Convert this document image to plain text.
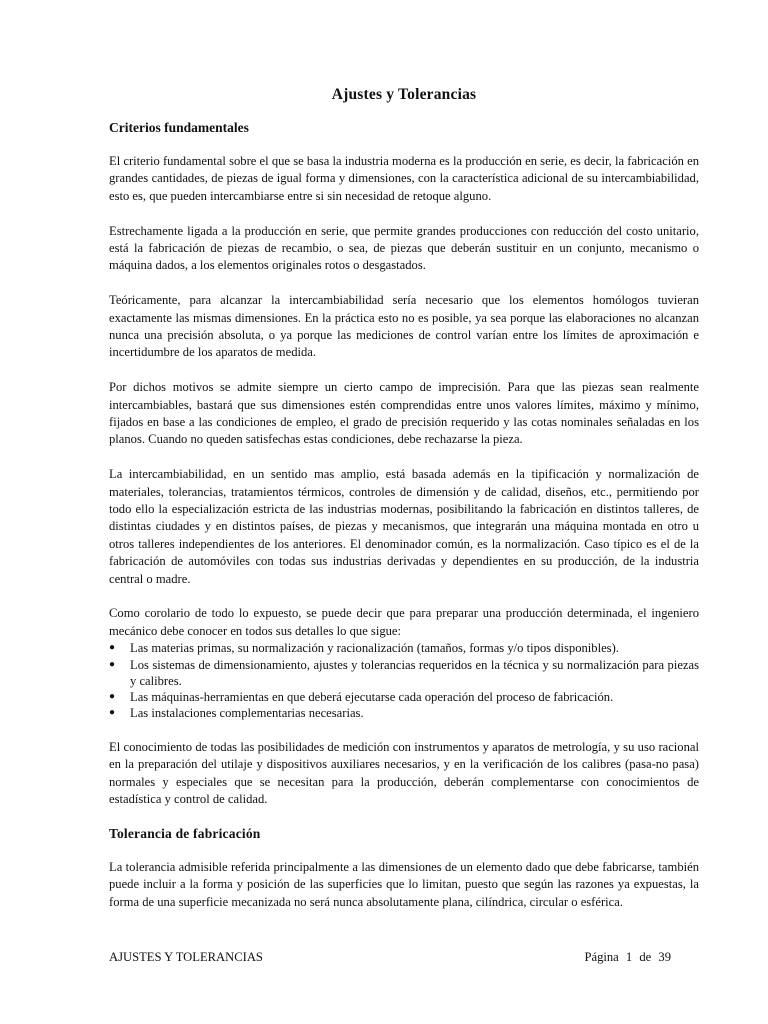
Ajustes y Tolerancias
Criterios fundamentales

El criterio fundamental sobre el que se basa la industria moderna es la producción en serie, es decir, la fabricación en grandes cantidades, de piezas de igual forma y dimensiones, con la característica adicional de su intercambiabilidad, esto es, que pueden intercambiarse entre si sin necesidad de retoque alguno.

Estrechamente ligada a la producción en serie, que permite grandes producciones con reducción del costo unitario, está la fabricación de piezas de recambio, o sea, de piezas que deberán sustituir en un conjunto, mecanismo o máquina dados, a los elementos originales rotos o desgastados.

Teóricamente, para alcanzar la intercambiabilidad sería necesario que los elementos homólogos tuvieran exactamente las mismas dimensiones. En la práctica esto no es posible, ya sea porque las elaboraciones no alcanzan nunca una precisión absoluta, o ya porque las mediciones de control varían entre los límites de aproximación e incertidumbre de los aparatos de medida.

Por dichos motivos se admite siempre un cierto campo de imprecisión. Para que las piezas sean realmente intercambiables, bastará que sus dimensiones estén comprendidas entre unos valores límites, máximo y mínimo, fijados en base a las condiciones de empleo, el grado de precisión requerido y las cotas nominales señaladas en los planos. Cuando no queden satisfechas estas condiciones, debe rechazarse la pieza.

La intercambiabilidad, en un sentido mas amplio, está basada además en la tipificación y normalización de materiales, tolerancias, tratamientos térmicos, controles de dimensión y de calidad, diseños, etc., permitiendo por todo ello la especialización estricta de las industrias modernas, posibilitando la fabricación en distintos talleres, de distintas ciudades y en distintos países, de piezas y mecanismos, que integrarán una máquina montada en otro u otros talleres independientes de los anteriores. El denominador común, es la normalización. Caso típico es el de la fabricación de automóviles con todas sus industrias derivadas y dependientes en su producción, de la industria central o madre.

Como corolario de todo lo expuesto, se puede decir que para preparar una producción determinada, el ingeniero mecánico debe conocer en todos sus detalles lo que sigue:

● Las materias primas, su normalización y racionalización (tamaños, formas y/o tipos disponibles).
● Los sistemas de dimensionamiento, ajustes y tolerancias requeridos en la técnica y su normalización para piezas y calibres.
● Las máquinas-herramientas en que deberá ejecutarse cada operación del proceso de fabricación.
● Las instalaciones complementarias necesarias.

El conocimiento de todas las posibilidades de medición con instrumentos y aparatos de metrología, y su uso racional en la preparación del utilaje y dispositivos auxiliares necesarios, y en la verificación de los calibres (pasa-no pasa) normales y especiales que se necesitan para la producción, deberán complementarse con conocimientos de estadística y control de calidad.

Tolerancia de fabricación

La tolerancia admisible referida principalmente a las dimensiones de un elemento dado que debe fabricarse, también puede incluir a la forma y posición de las superficies que lo limitan, puesto que según las razones ya expuestas, la forma de una superficie mecanizada no será nunca absolutamente plana, cilíndrica, circular o esférica.

AJUSTES Y TOLERANCIAS	Página 1 de 39
